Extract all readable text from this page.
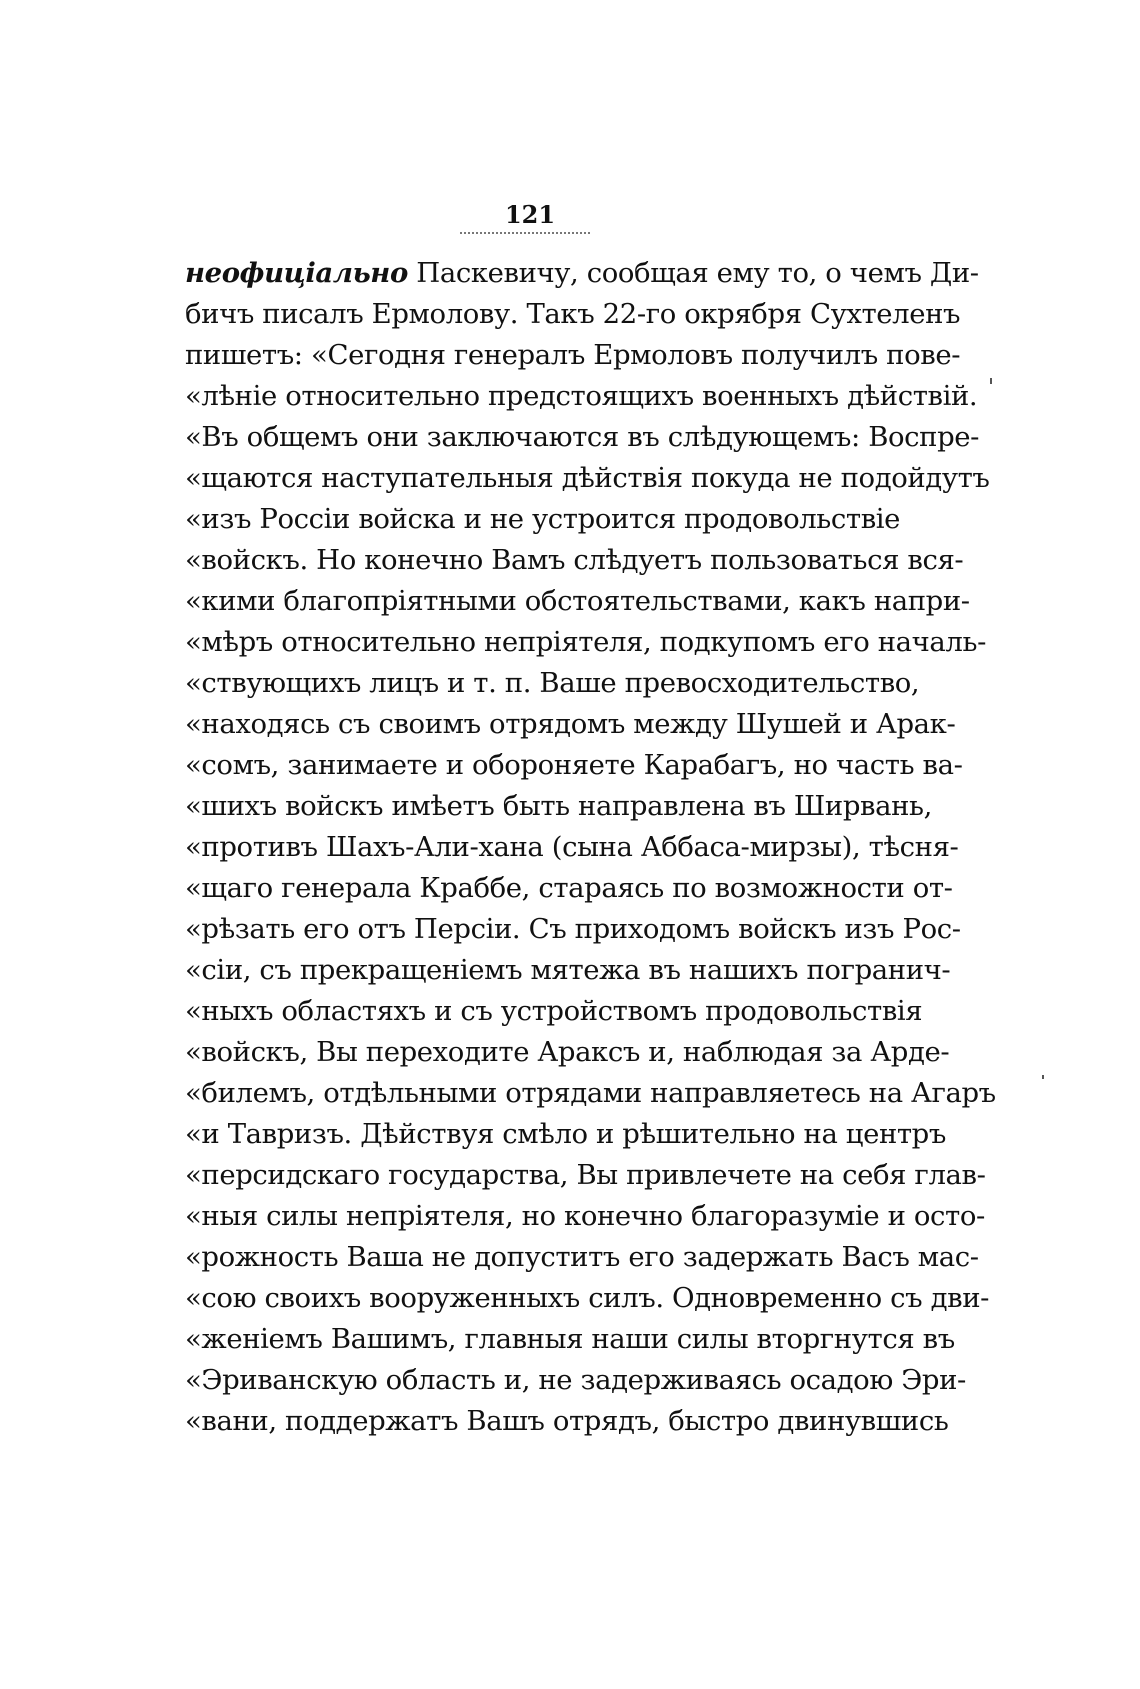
121
неофиціально Паскевичу, сообщая ему то, о чемъ Ди-
бичъ писалъ Ермолову. Такъ 22-го окрября Сухтеленъ
пишетъ: «Сегодня генералъ Ермоловъ получилъ пове-
«лѣніе относительно предстоящихъ военныхъ дѣйствій.
«Въ общемъ они заключаются въ слѣдующемъ: Воспре-
«щаются наступательныя дѣйствія покуда не подойдутъ
«изъ Россіи войска и не устроится продовольствіе
«войскъ. Но конечно Вамъ слѣдуетъ пользоваться вся-
«кими благопріятными обстоятельствами, какъ напри-
«мѣръ относительно непріятеля, подкупомъ его началь-
«ствующихъ лицъ и т. п. Ваше превосходительство,
«находясь съ своимъ отрядомъ между Шушей и Арак-
«сомъ, занимаете и обороняете Карабагъ, но часть ва-
«шихъ войскъ имѣетъ быть направлена въ Ширвань,
«противъ Шахъ-Али-хана (сына Аббаса-мирзы), тѣсня-
«щаго генерала Краббе, стараясь по возможности от-
«рѣзать его отъ Персіи. Съ приходомъ войскъ изъ Рос-
«сіи, съ прекращеніемъ мятежа въ нашихъ погранич-
«ныхъ областяхъ и съ устройствомъ продовольствія
«войскъ, Вы переходите Араксъ и, наблюдая за Арде-
«билемъ, отдѣльными отрядами направляетесь на Агаръ
«и Тавризъ. Дѣйствуя смѣло и рѣшительно на центръ
«персидскаго государства, Вы привлечете на себя глав-
«ныя силы непріятеля, но конечно благоразуміе и осто-
«рожность Ваша не допуститъ его задержать Васъ мас-
«сою своихъ вооруженныхъ силъ. Одновременно съ дви-
«женіемъ Вашимъ, главныя наши силы вторгнутся въ
«Эриванскую область и, не задерживаясь осадою Эри-
«вани, поддержатъ Вашъ отрядъ, быстро двинувшись
